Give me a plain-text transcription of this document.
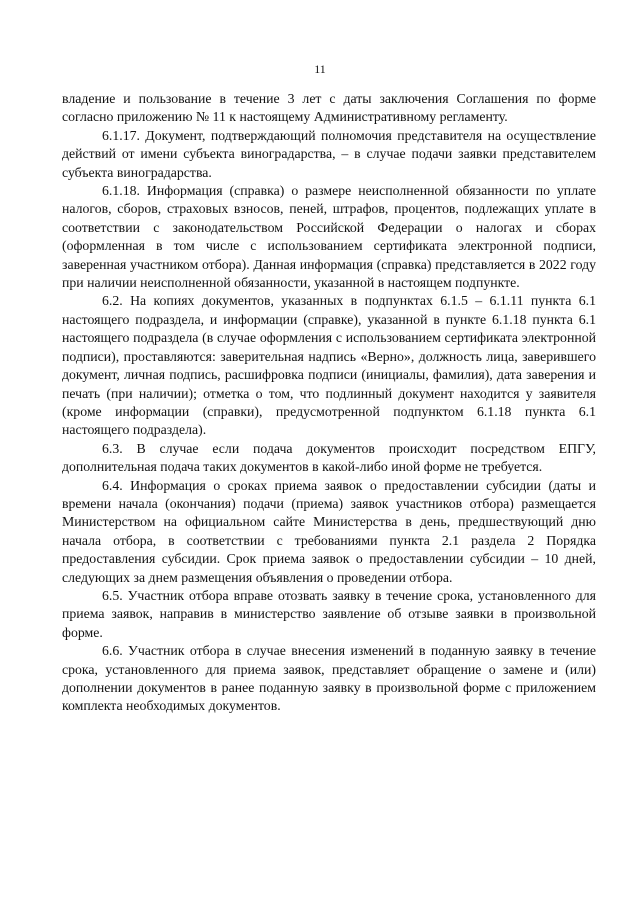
11

владение и пользование в течение 3 лет с даты заключения Соглашения по форме согласно приложению № 11 к настоящему Административному регламенту.

6.1.17. Документ, подтверждающий полномочия представителя на осуществление действий от имени субъекта виноградарства, – в случае подачи заявки представителем субъекта виноградарства.

6.1.18. Информация (справка) о размере неисполненной обязанности по уплате налогов, сборов, страховых взносов, пеней, штрафов, процентов, подлежащих уплате в соответствии с законодательством Российской Федерации о налогах и сборах (оформленная в том числе с использованием сертификата электронной подписи, заверенная участником отбора). Данная информация (справка) представляется в 2022 году при наличии неисполненной обязанности, указанной в настоящем подпункте.

6.2. На копиях документов, указанных в подпунктах 6.1.5 – 6.1.11 пункта 6.1 настоящего подраздела, и информации (справке), указанной в пункте 6.1.18 пункта 6.1 настоящего подраздела (в случае оформления с использованием сертификата электронной подписи), проставляются: заверительная надпись «Верно», должность лица, заверившего документ, личная подпись, расшифровка подписи (инициалы, фамилия), дата заверения и печать (при наличии); отметка о том, что подлинный документ находится у заявителя (кроме информации (справки), предусмотренной подпунктом 6.1.18 пункта 6.1 настоящего подраздела).

6.3. В случае если подача документов происходит посредством ЕПГУ, дополнительная подача таких документов в какой-либо иной форме не требуется.

6.4. Информация о сроках приема заявок о предоставлении субсидии (даты и времени начала (окончания) подачи (приема) заявок участников отбора) размещается Министерством на официальном сайте Министерства в день, предшествующий дню начала отбора, в соответствии с требованиями пункта 2.1 раздела 2 Порядка предоставления субсидии. Срок приема заявок о предоставлении субсидии – 10 дней, следующих за днем размещения объявления о проведении отбора.

6.5. Участник отбора вправе отозвать заявку в течение срока, установленного для приема заявок, направив в министерство заявление об отзыве заявки в произвольной форме.

6.6. Участник отбора в случае внесения изменений в поданную заявку в течение срока, установленного для приема заявок, представляет обращение о замене и (или) дополнении документов в ранее поданную заявку в произвольной форме с приложением комплекта необходимых документов.
